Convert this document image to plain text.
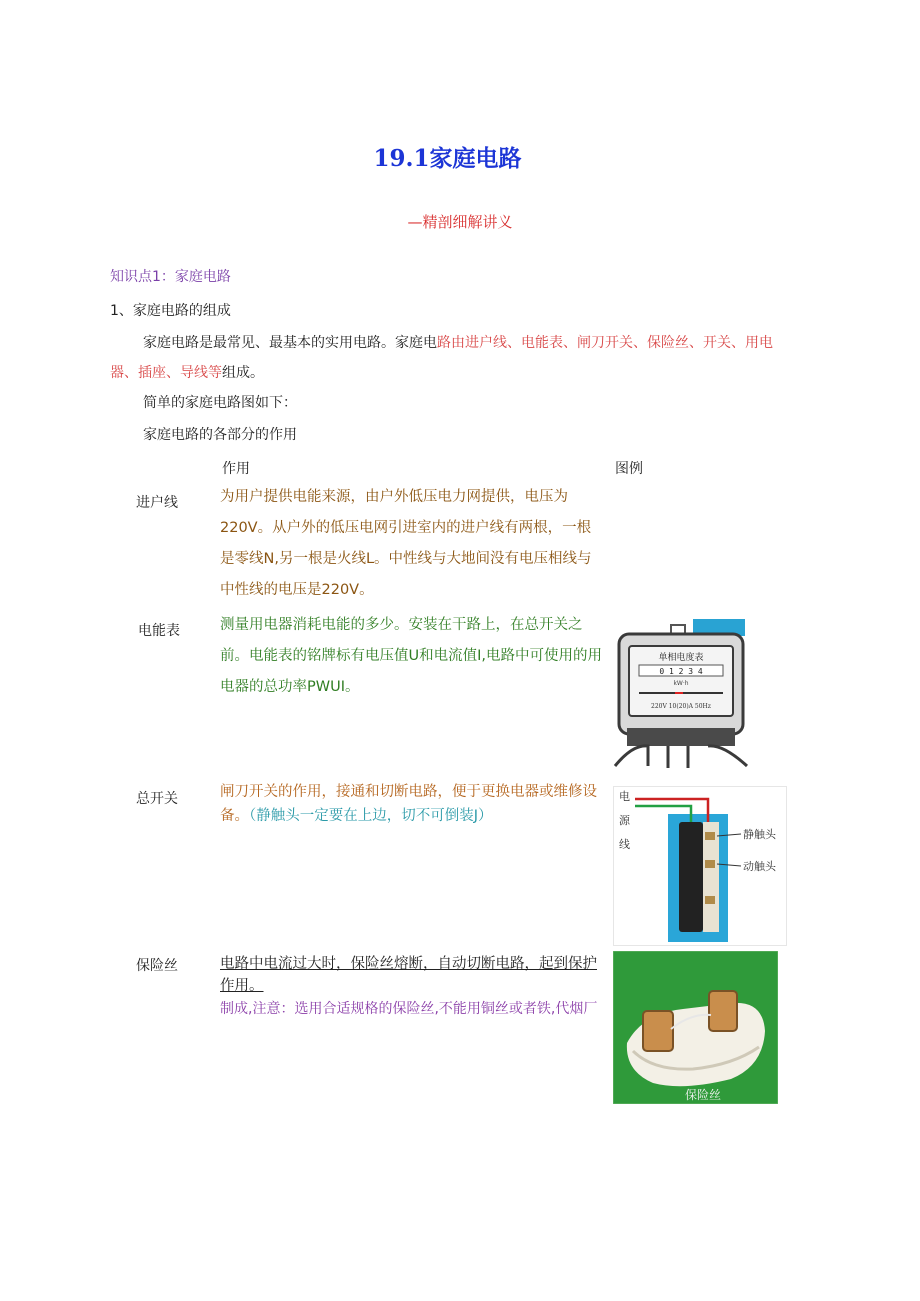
19.1家庭电路
—精剖细解讲义
知识点1：家庭电路
1、家庭电路的组成
家庭电路是最常见、最基本的实用电路。家庭电路由进户线、电能表、闸刀开关、保险丝、开关、用电器、插座、导线等组成。
简单的家庭电路图如下：
家庭电路的各部分的作用
作用	图例
进户线	为用户提供电能来源，由户外低压电力网提供，电压为220V。从户外的低压电网引进室内的进户线有两根，一根是零线N,另一根是火线L。中性线与大地间没有电压相线与中性线的电压是220V。
电能表	测量用电器消耗电能的多少。安装在干路上，在总开关之前。电能表的铭牌标有电压值U和电流值I,电路中可使用的用电器的总功率PWUI。
总开关	闸刀开关的作用，接通和切断电路，便于更换电器或维修设备。（静触头一定要在上边，切不可倒装J）
保险丝	电路中电流过大时，保险丝熔断，自动切断电路，起到保护作用。
制成,注意：选用合适规格的保险丝,不能用铜丝或者铁,代烟厂
单相电度表
0 1 2 3 4
kW·h
220V 10(20)A 50Hz
电
源
线
静触头
动触头
保险丝
